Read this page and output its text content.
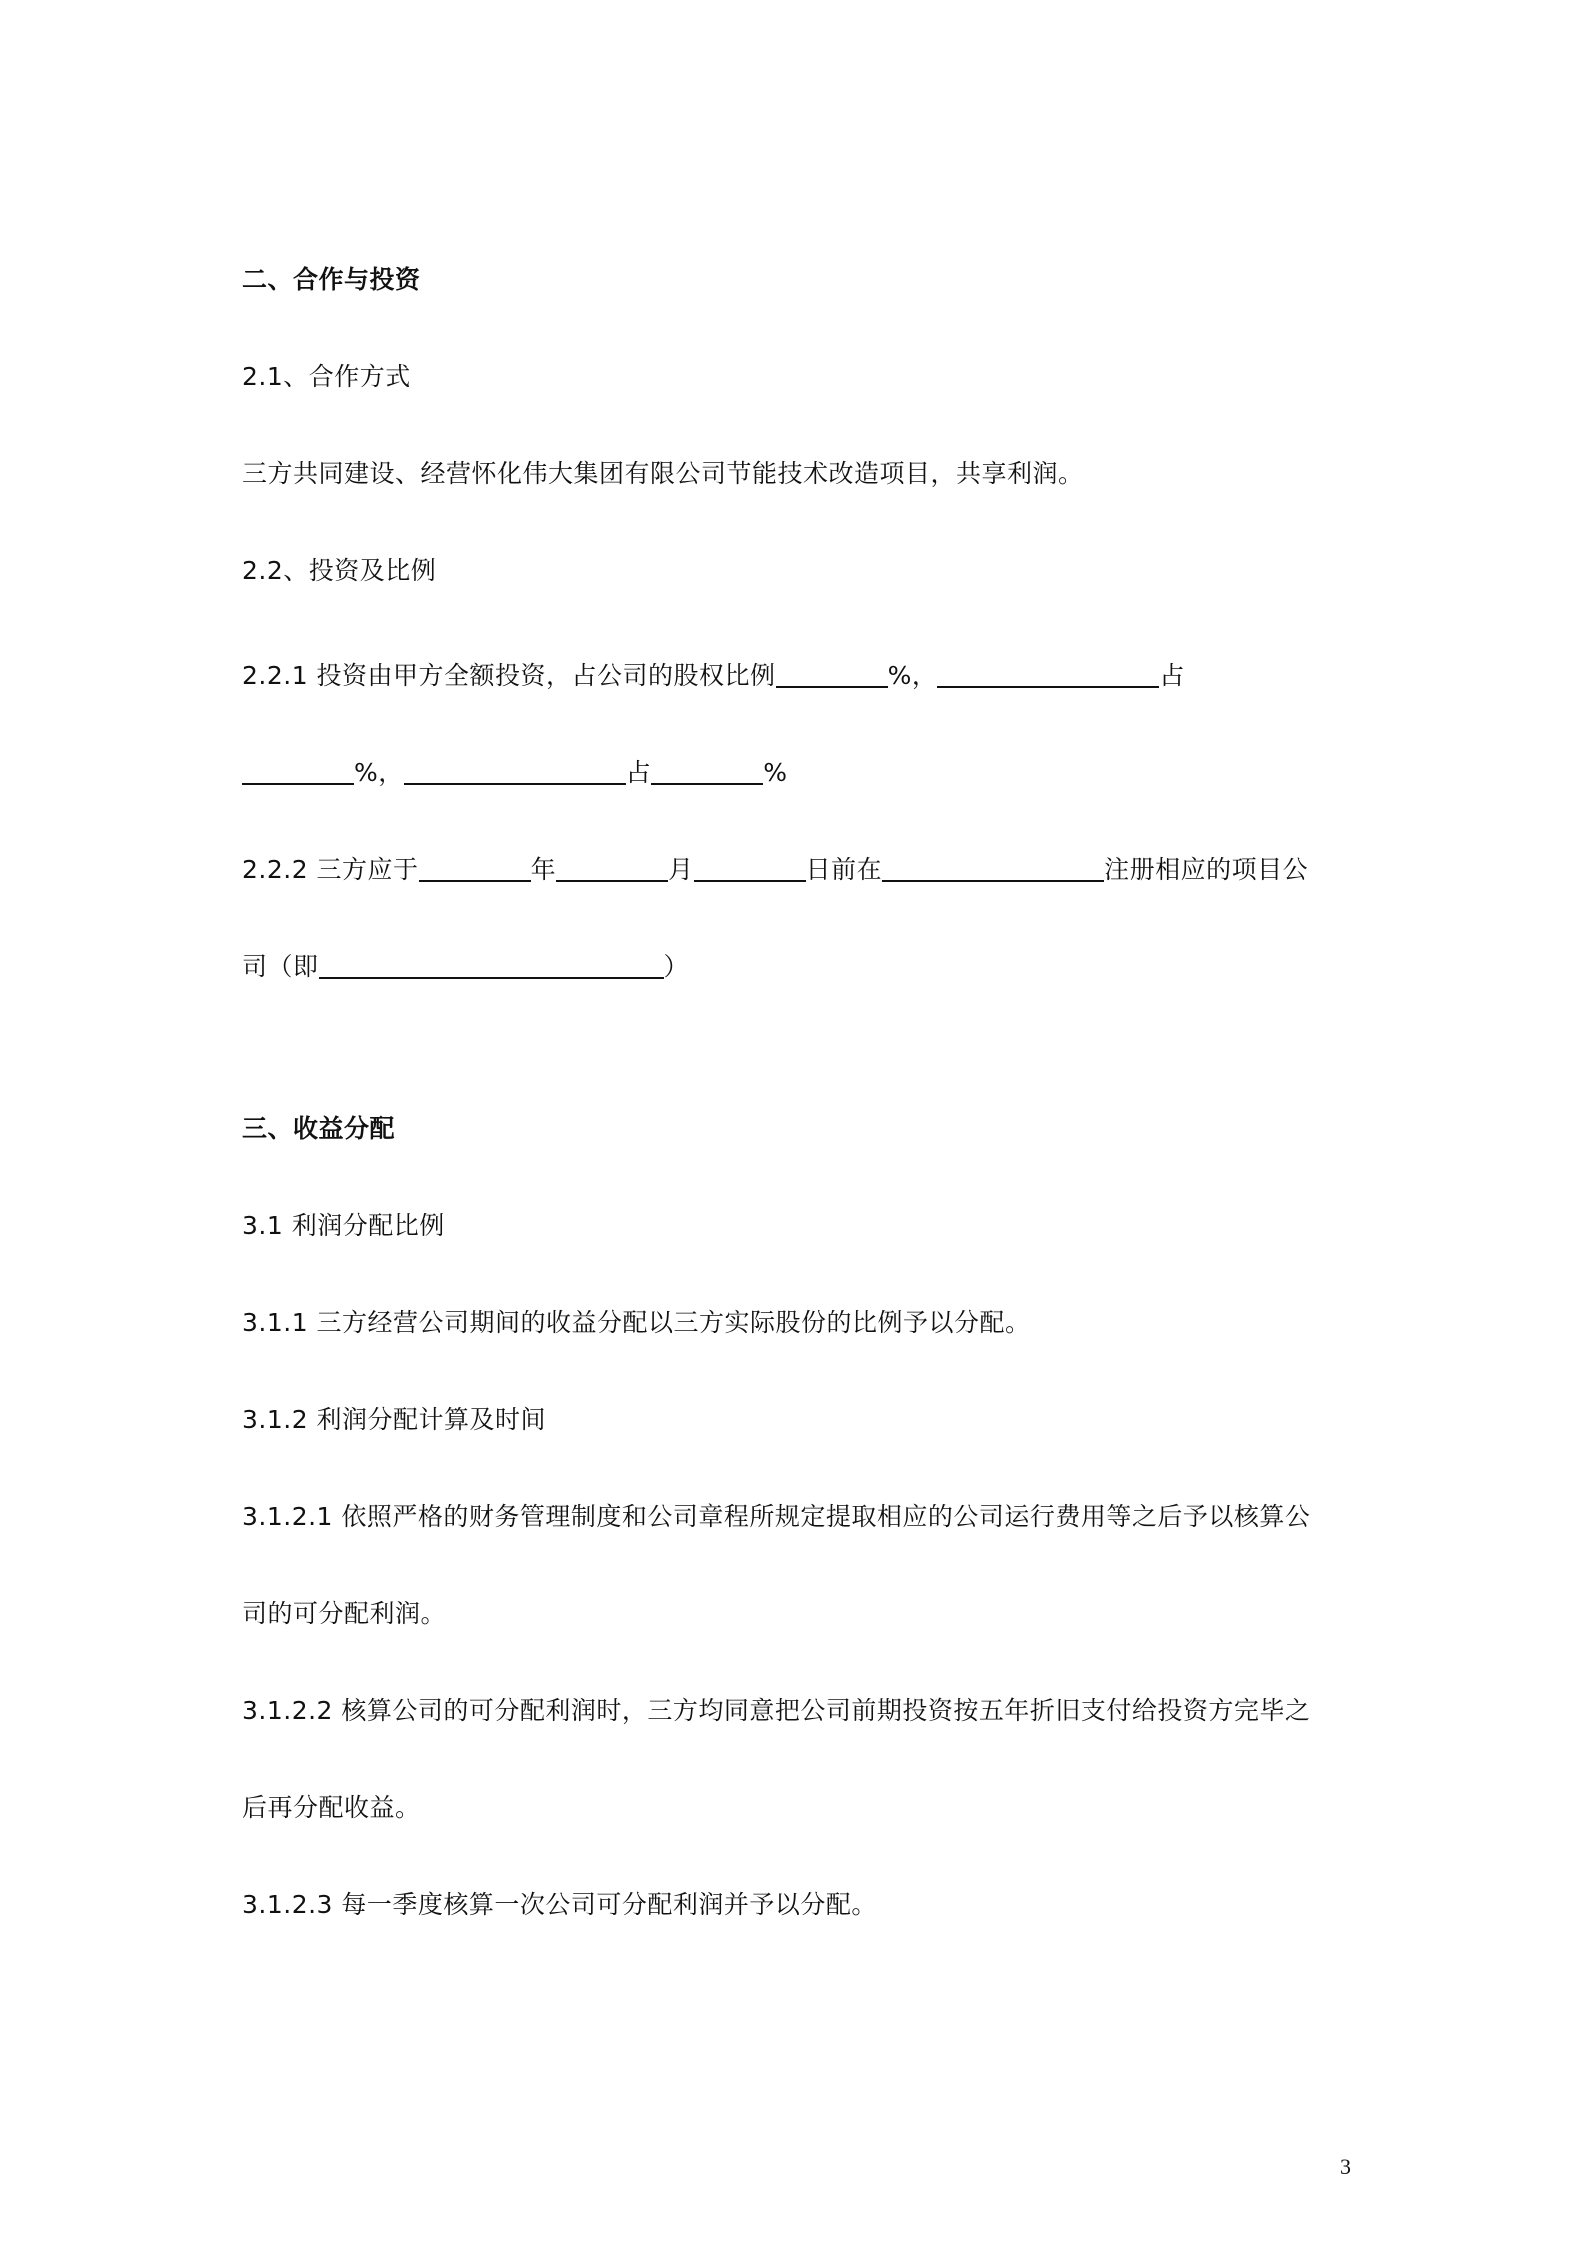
二、合作与投资
2.1、合作方式
三方共同建设、经营怀化伟大集团有限公司节能技术改造项目，共享利润。
2.2、投资及比例
2.2.1 投资由甲方全额投资，占公司的股权比例	%，	占
%，	占	%
2.2.2 三方应于	年	月	日前在	注册相应的项目公
司（即	）
三、收益分配
3.1 利润分配比例
3.1.1 三方经营公司期间的收益分配以三方实际股份的比例予以分配。
3.1.2 利润分配计算及时间
3.1.2.1 依照严格的财务管理制度和公司章程所规定提取相应的公司运行费用等之后予以核算公
司的可分配利润。
3.1.2.2 核算公司的可分配利润时，三方均同意把公司前期投资按五年折旧支付给投资方完毕之
后再分配收益。
3.1.2.3 每一季度核算一次公司可分配利润并予以分配。
3
